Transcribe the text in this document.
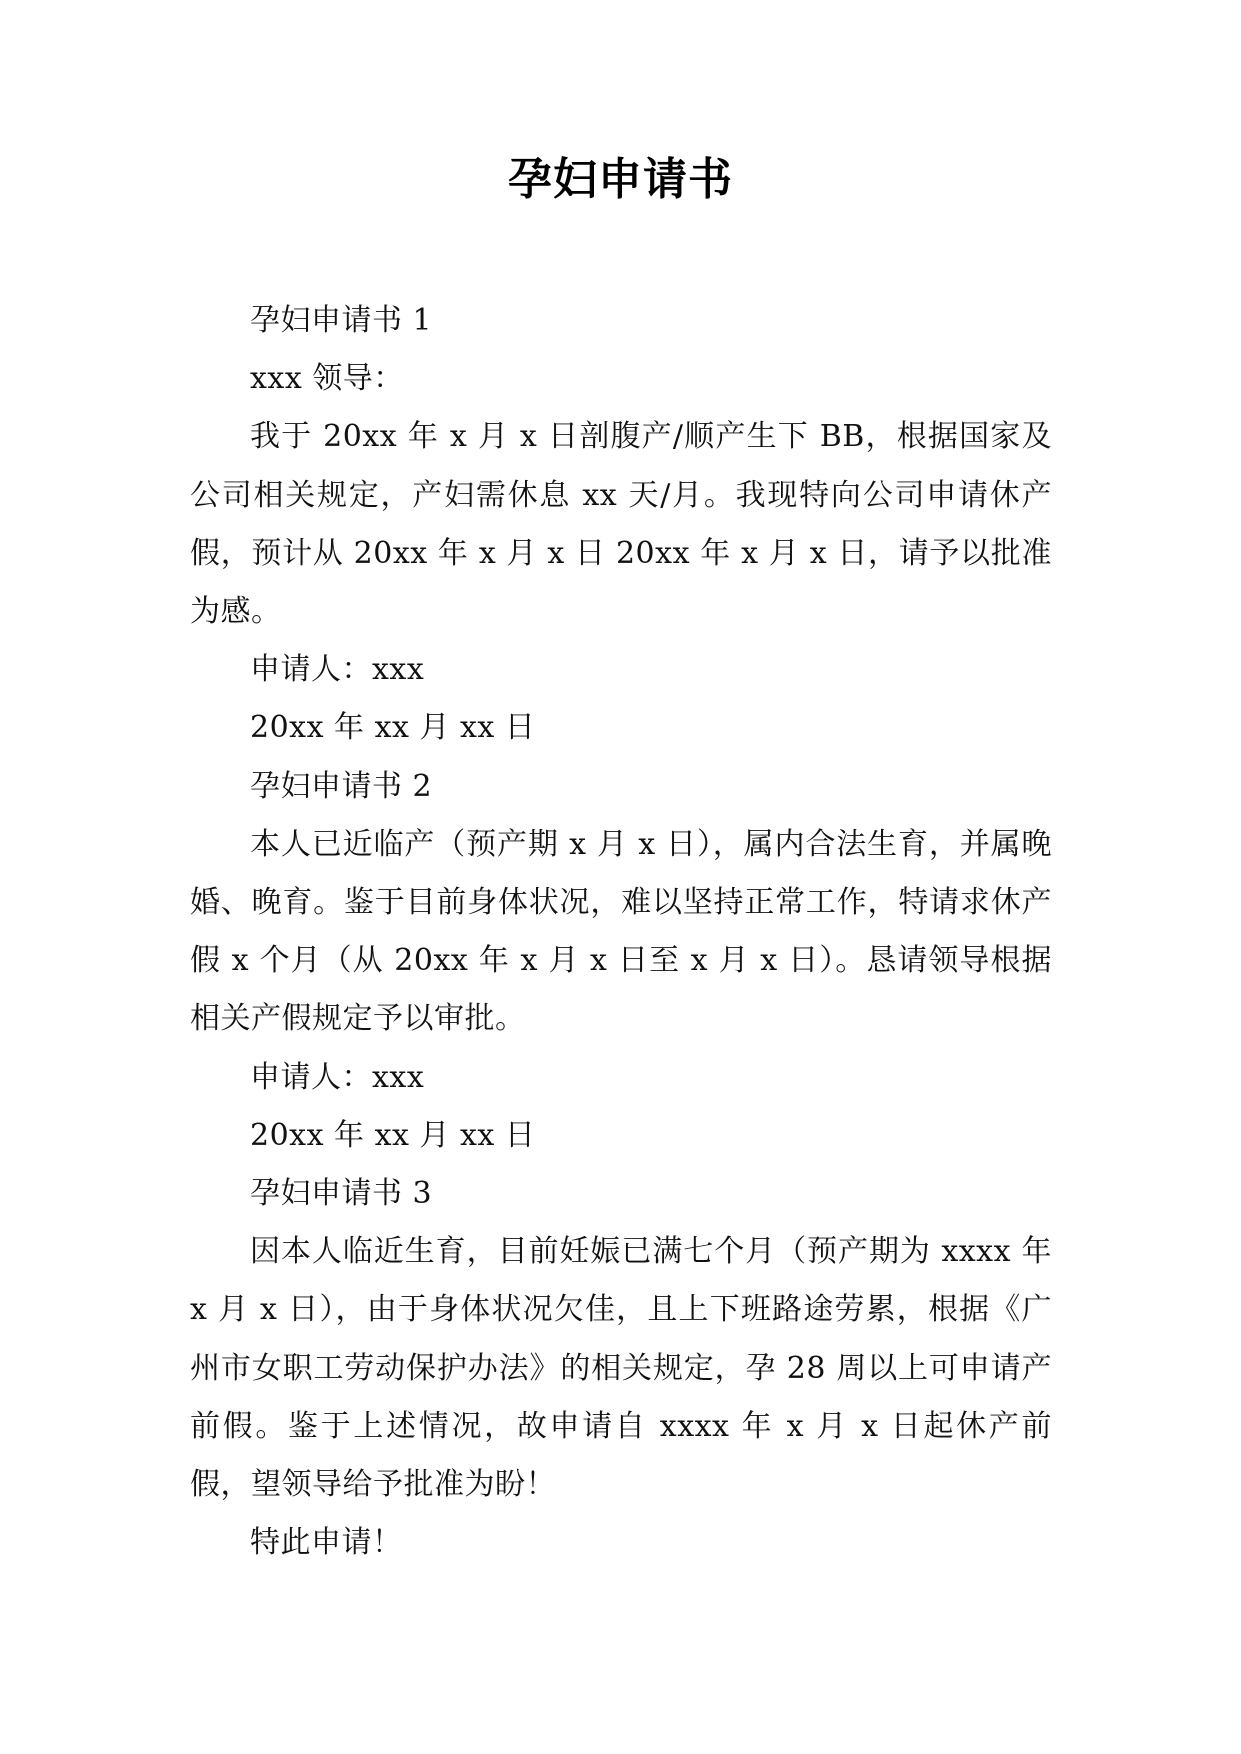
孕妇申请书

孕妇申请书 1

xxx 领导：

我于 20xx 年 x 月 x 日剖腹产/顺产生下 BB，根据国家及公司相关规定，产妇需休息 xx 天/月。我现特向公司申请休产假，预计从 20xx 年 x 月 x 日 20xx 年 x 月 x 日，请予以批准为感。

申请人：xxx

20xx 年 xx 月 xx 日

孕妇申请书 2

本人已近临产（预产期 x 月 x 日），属内合法生育，并属晚婚、晚育。鉴于目前身体状况，难以坚持正常工作，特请求休产假 x 个月（从 20xx 年 x 月 x 日至 x 月 x 日）。恳请领导根据相关产假规定予以审批。

申请人：xxx

20xx 年 xx 月 xx 日

孕妇申请书 3

因本人临近生育，目前妊娠已满七个月（预产期为 xxxx 年 x 月 x 日），由于身体状况欠佳，且上下班路途劳累，根据《广州市女职工劳动保护办法》的相关规定，孕 28 周以上可申请产前假。鉴于上述情况，故申请自 xxxx 年 x 月 x 日起休产前假，望领导给予批准为盼！

特此申请！
